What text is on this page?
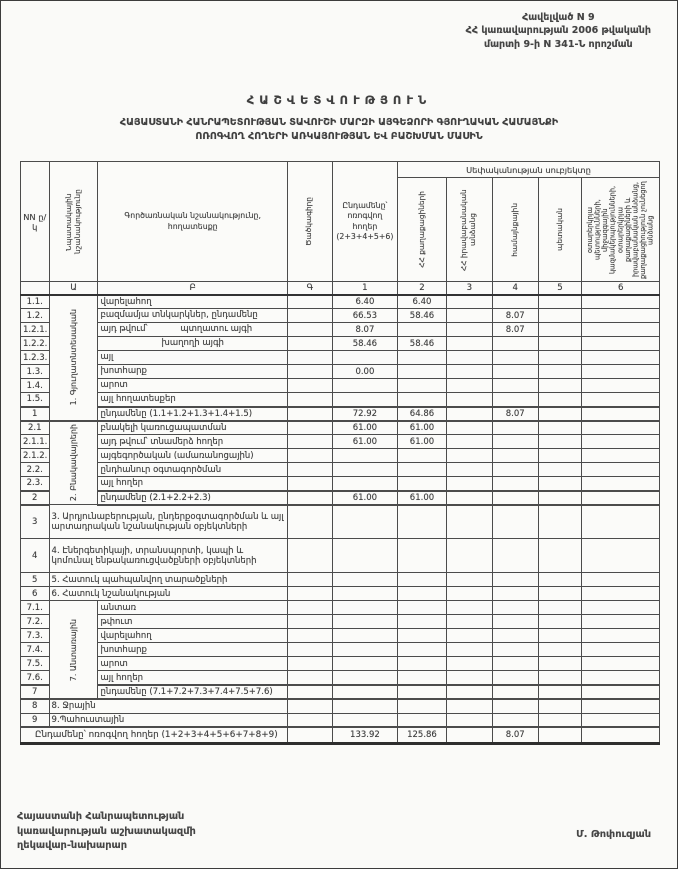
Հավելված N 9
ՀՀ կառավարության 2006 թվականի
մարտի 9-ի N 341-Ն որոշման
ՀԱՇՎԵՏՎՈՒԹՅՈՒՆ
ՀԱՅԱՍՏԱՆԻ ՀԱՆՐԱՊԵՏՈՒԹՅԱՆ ՏԱՎՈՒՇԻ ՄԱՐԶԻ ԱՅԳԵՁՈՐԻ ԳՅՈՒՂԱԿԱՆ ՀԱՄԱՅՆՔԻ
ՈՌՈԳՎՈՂ ՀՈՂԵՐԻ ԱՌԿԱՅՈՒԹՅԱՆ ԵՎ ԲԱՇԽՄԱՆ ՄԱՍԻՆ
NN ը/կ	Նպատակային նշանակությունը	Գործառնական նշանակությունը, հողատեսքը	Ծածկագիրը	Ընդամենը՝ ոռոգվող հողեր (2+3+4+5+6)	Սեփականության սուբյեկտը				

					ՀՀ քաղաքացիների	ՀՀ իրավաբանական անձանց	համայնքային	պետական	օտարերկրյա պետությունների, միջազգային կազմակերպությունների, օտարերկրյա քաղաքացիների և իրավաբանական անձանց, քաղաքացիություն չունեցող անձանց

	Ա	Բ	Գ	1	2	3	4	5	6
1.1.	1. Գյուղատնտեսական	վարելահող		6.40	6.40				
1.2.		բազմամյա տնկարկներ, ընդամենը		66.53	58.46		8.07		
1.2.1.		այդ թվում՝ պտղատու այգի		8.07			8.07		
1.2.2.		խաղողի այգի		58.46	58.46				
1.2.3.		այլ							
1.3.		խոտհարք		0.00					
1.4.		արոտ							
1.5.		այլ հողատեսքեր							
1		ընդամենը (1.1+1.2+1.3+1.4+1.5)		72.92	64.86		8.07		
2.1	2. Բնակավայրերի	բնակելի կառուցապատման		61.00	61.00				
2.1.1.		այդ թվում՝ տնամերձ հողեր		61.00	61.00				
2.1.2.		այգեգործական (ամառանոցային)							
2.2.		ընդհանուր օգտագործման							
2.3.		այլ հողեր							
2		ընդամենը (2.1+2.2+2.3)		61.00	61.00				
3	3. Արդյունաբերության, ընդերքօգտագործման և այլ արտադրական նշանակության օբյեկտների								
4	4. Էներգետիկայի, տրանսպորտի, կապի և կոմունալ ենթակառուցվածքների օբյեկտների								
5	5. Հատուկ պահպանվող տարածքների								
6	6. Հատուկ նշանակության								
7.1.	7. Անտառային	անտառ							
7.2.		թփուտ							
7.3.		վարելահող							
7.4.		խոտհարք							
7.5.		արոտ							
7.6.		այլ հողեր							
7		ընդամենը (7.1+7.2+7.3+7.4+7.5+7.6)							
8	8. Ջրային								
9	9.Պահուստային								
Ընդամենը՝ ոռոգվող հողեր (1+2+3+4+5+6+7+8+9)				133.92	125.86		8.07		
Հայաստանի Հանրապետության
կառավարության աշխատակազմի
ղեկավար-նախարար
Մ. Թոփուզյան
